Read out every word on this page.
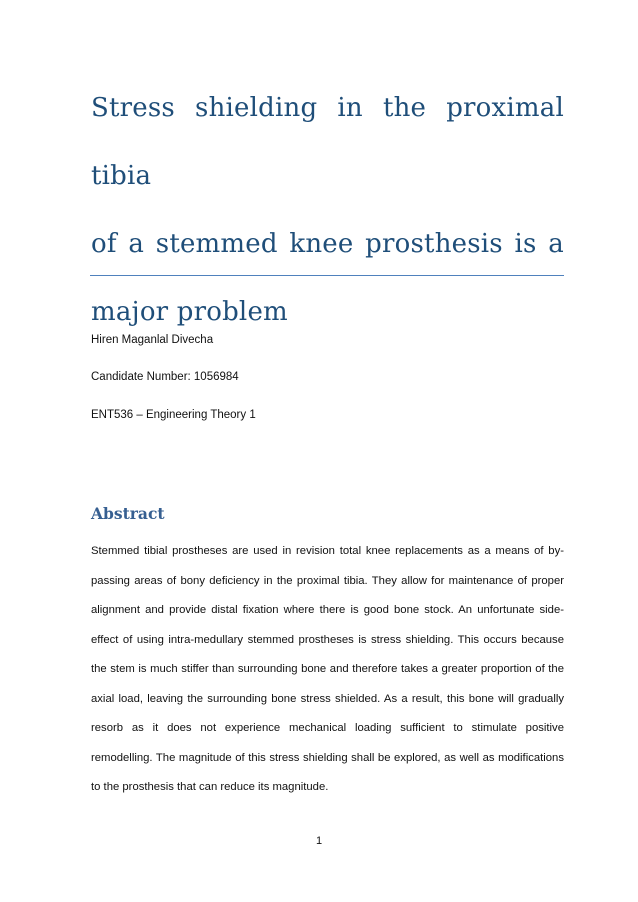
Stress shielding in the proximal tibia
of a stemmed knee prosthesis is a
major problem

Hiren Maganlal Divecha

Candidate Number: 1056984

ENT536 – Engineering Theory 1

Abstract

Stemmed tibial prostheses are used in revision total knee replacements as a means of by-passing areas of bony deficiency in the proximal tibia. They allow for maintenance of proper alignment and provide distal fixation where there is good bone stock. An unfortunate side-effect of using intra-medullary stemmed prostheses is stress shielding. This occurs because the stem is much stiffer than surrounding bone and therefore takes a greater proportion of the axial load, leaving the surrounding bone stress shielded. As a result, this bone will gradually resorb as it does not experience mechanical loading sufficient to stimulate positive remodelling. The magnitude of this stress shielding shall be explored, as well as modifications to the prosthesis that can reduce its magnitude.

1
